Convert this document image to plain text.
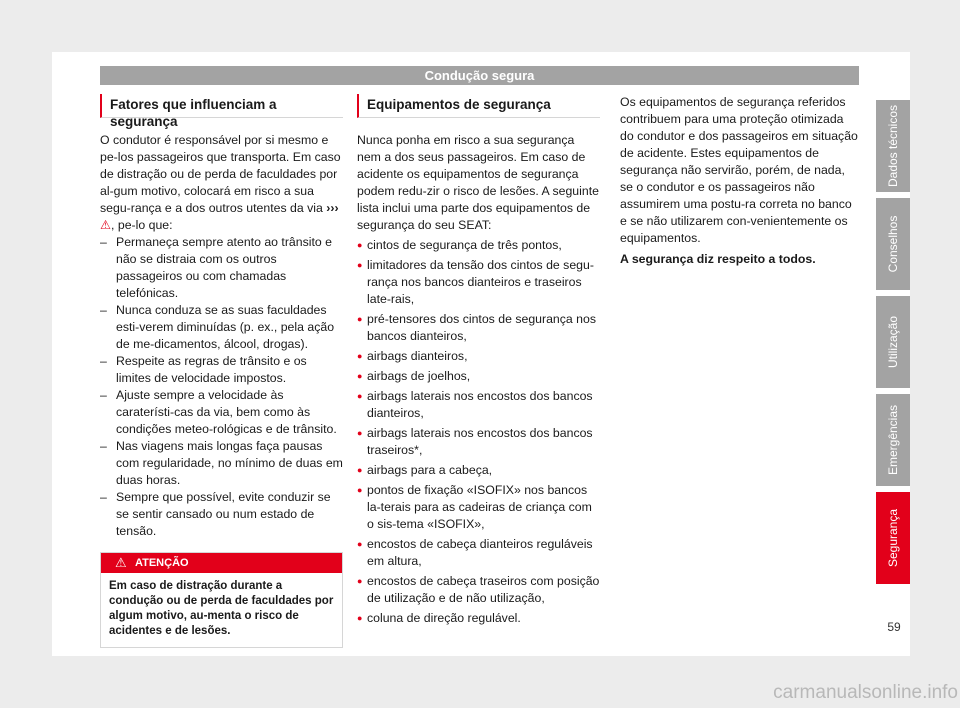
Condução segura
Fatores que influenciam a segurança

O condutor é responsável por si mesmo e pe-los passageiros que transporta. Em caso de distração ou de perda de faculdades por al-gum motivo, colocará em risco a sua segu-rança e a dos outros utentes da via ››› ⚠, pe-lo que:

– Permaneça sempre atento ao trânsito e não se distraia com os outros passageiros ou com chamadas telefónicas.
– Nunca conduza se as suas faculdades esti-verem diminuídas (p. ex., pela ação de me-dicamentos, álcool, drogas).
– Respeite as regras de trânsito e os limites de velocidade impostos.
– Ajuste sempre a velocidade às caraterísti-cas da via, bem como às condições meteo-rológicas e de trânsito.
– Nas viagens mais longas faça pausas com regularidade, no mínimo de duas em duas horas.
– Sempre que possível, evite conduzir se se sentir cansado ou num estado de tensão.
⚠ ATENÇÃO
Em caso de distração durante a condução ou de perda de faculdades por algum motivo, au-menta o risco de acidentes e de lesões.
Equipamentos de segurança

Nunca ponha em risco a sua segurança nem a dos seus passageiros. Em caso de acidente os equipamentos de segurança podem redu-zir o risco de lesões. A seguinte lista inclui uma parte dos equipamentos de segurança do seu SEAT:

● cintos de segurança de três pontos,
● limitadores da tensão dos cintos de segu-rança nos bancos dianteiros e traseiros late-rais,
● pré-tensores dos cintos de segurança nos bancos dianteiros,
● airbags dianteiros,
● airbags de joelhos,
● airbags laterais nos encostos dos bancos dianteiros,
● airbags laterais nos encostos dos bancos traseiros*,
● airbags para a cabeça,
● pontos de fixação «ISOFIX» nos bancos la-terais para as cadeiras de criança com o sis-tema «ISOFIX»,
● encostos de cabeça dianteiros reguláveis em altura,
● encostos de cabeça traseiros com posição de utilização e de não utilização,
● coluna de direção regulável.

Os equipamentos de segurança referidos contribuem para uma proteção otimizada do condutor e dos passageiros em situação de acidente. Estes equipamentos de segurança não servirão, porém, de nada, se o condutor e os passageiros não assumirem uma postu-ra correta no banco e se não utilizarem con-venientemente os equipamentos.

A segurança diz respeito a todos.

Dados técnicos
Conselhos
Utilização
Emergências
Segurança
59
carmanualsonline.info
